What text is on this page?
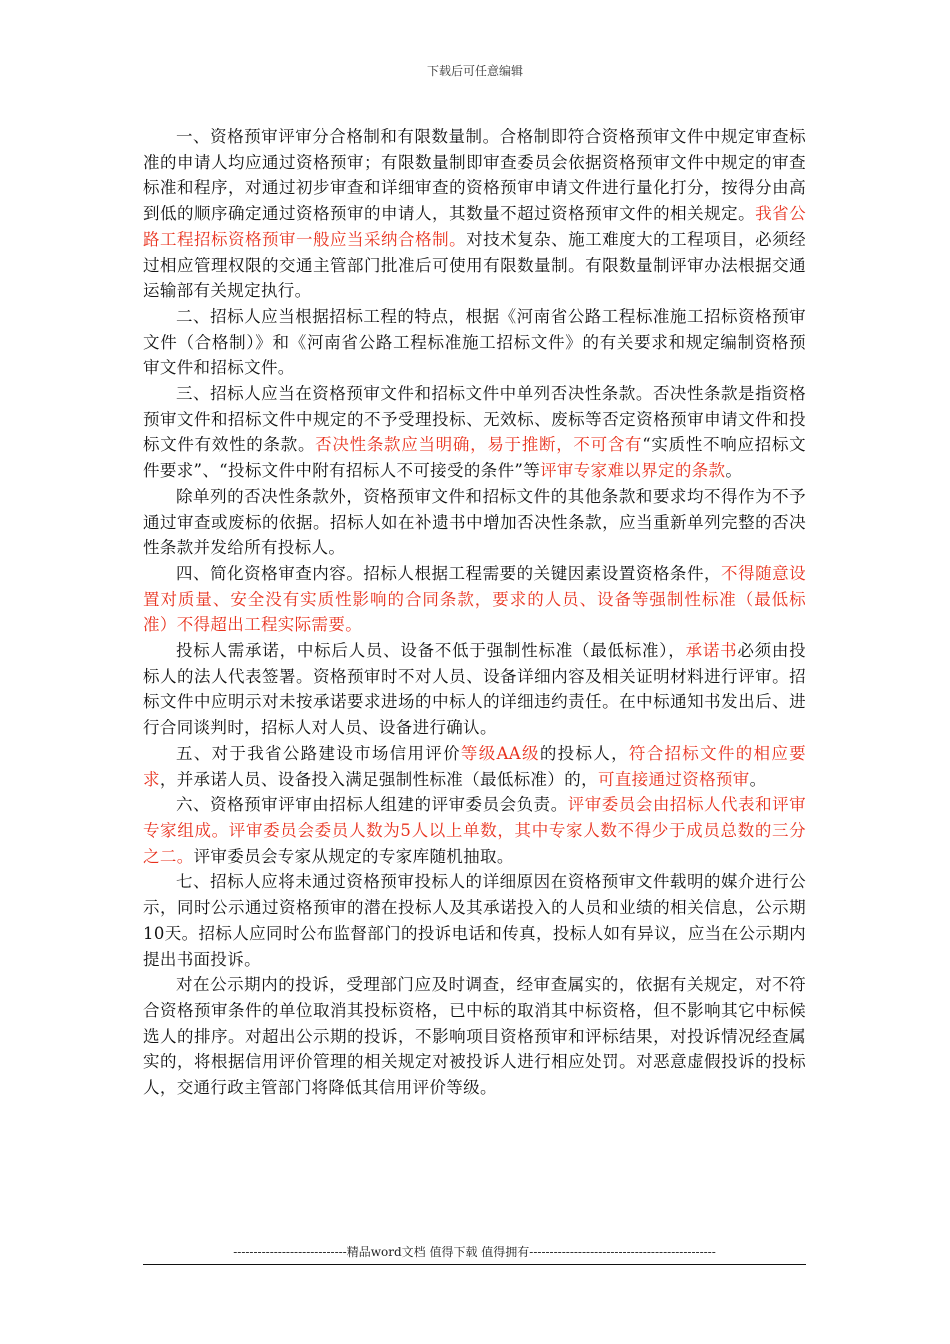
下载后可任意编辑

一、资格预审评审分合格制和有限数量制。合格制即符合资格预审文件中规定审查标准的申请人均应通过资格预审；有限数量制即审查委员会依据资格预审文件中规定的审查标准和程序，对通过初步审查和详细审查的资格预审申请文件进行量化打分，按得分由高到低的顺序确定通过资格预审的申请人，其数量不超过资格预审文件的相关规定。我省公路工程招标资格预审一般应当采纳合格制。对技术复杂、施工难度大的工程项目，必须经过相应管理权限的交通主管部门批准后可使用有限数量制。有限数量制评审办法根据交通运输部有关规定执行。

二、招标人应当根据招标工程的特点，根据《河南省公路工程标准施工招标资格预审文件（合格制）》和《河南省公路工程标准施工招标文件》的有关要求和规定编制资格预审文件和招标文件。

三、招标人应当在资格预审文件和招标文件中单列否决性条款。否决性条款是指资格预审文件和招标文件中规定的不予受理投标、无效标、废标等否定资格预审申请文件和投标文件有效性的条款。否决性条款应当明确，易于推断，不可含有“实质性不响应招标文件要求”、“投标文件中附有招标人不可接受的条件”等评审专家难以界定的条款。

除单列的否决性条款外，资格预审文件和招标文件的其他条款和要求均不得作为不予通过审查或废标的依据。招标人如在补遗书中增加否决性条款，应当重新单列完整的否决性条款并发给所有投标人。

四、简化资格审查内容。招标人根据工程需要的关键因素设置资格条件，不得随意设置对质量、安全没有实质性影响的合同条款，要求的人员、设备等强制性标准（最低标准）不得超出工程实际需要。

投标人需承诺，中标后人员、设备不低于强制性标准（最低标准），承诺书必须由投标人的法人代表签署。资格预审时不对人员、设备详细内容及相关证明材料进行评审。招标文件中应明示对未按承诺要求进场的中标人的详细违约责任。在中标通知书发出后、进行合同谈判时，招标人对人员、设备进行确认。

五、对于我省公路建设市场信用评价等级AA级的投标人，符合招标文件的相应要求，并承诺人员、设备投入满足强制性标准（最低标准）的，可直接通过资格预审。

六、资格预审评审由招标人组建的评审委员会负责。评审委员会由招标人代表和评审专家组成。评审委员会委员人数为5人以上单数，其中专家人数不得少于成员总数的三分之二。评审委员会专家从规定的专家库随机抽取。

七、招标人应将未通过资格预审投标人的详细原因在资格预审文件载明的媒介进行公示，同时公示通过资格预审的潜在投标人及其承诺投入的人员和业绩的相关信息，公示期10天。招标人应同时公布监督部门的投诉电话和传真，投标人如有异议，应当在公示期内提出书面投诉。

对在公示期内的投诉，受理部门应及时调查，经审查属实的，依据有关规定，对不符合资格预审条件的单位取消其投标资格，已中标的取消其中标资格，但不影响其它中标候选人的排序。对超出公示期的投诉，不影响项目资格预审和评标结果，对投诉情况经查属实的，将根据信用评价管理的相关规定对被投诉人进行相应处罚。对恶意虚假投诉的投标人，交通行政主管部门将降低其信用评价等级。

----------------------------精品word文档 值得下载 值得拥有----------------------------------------------
